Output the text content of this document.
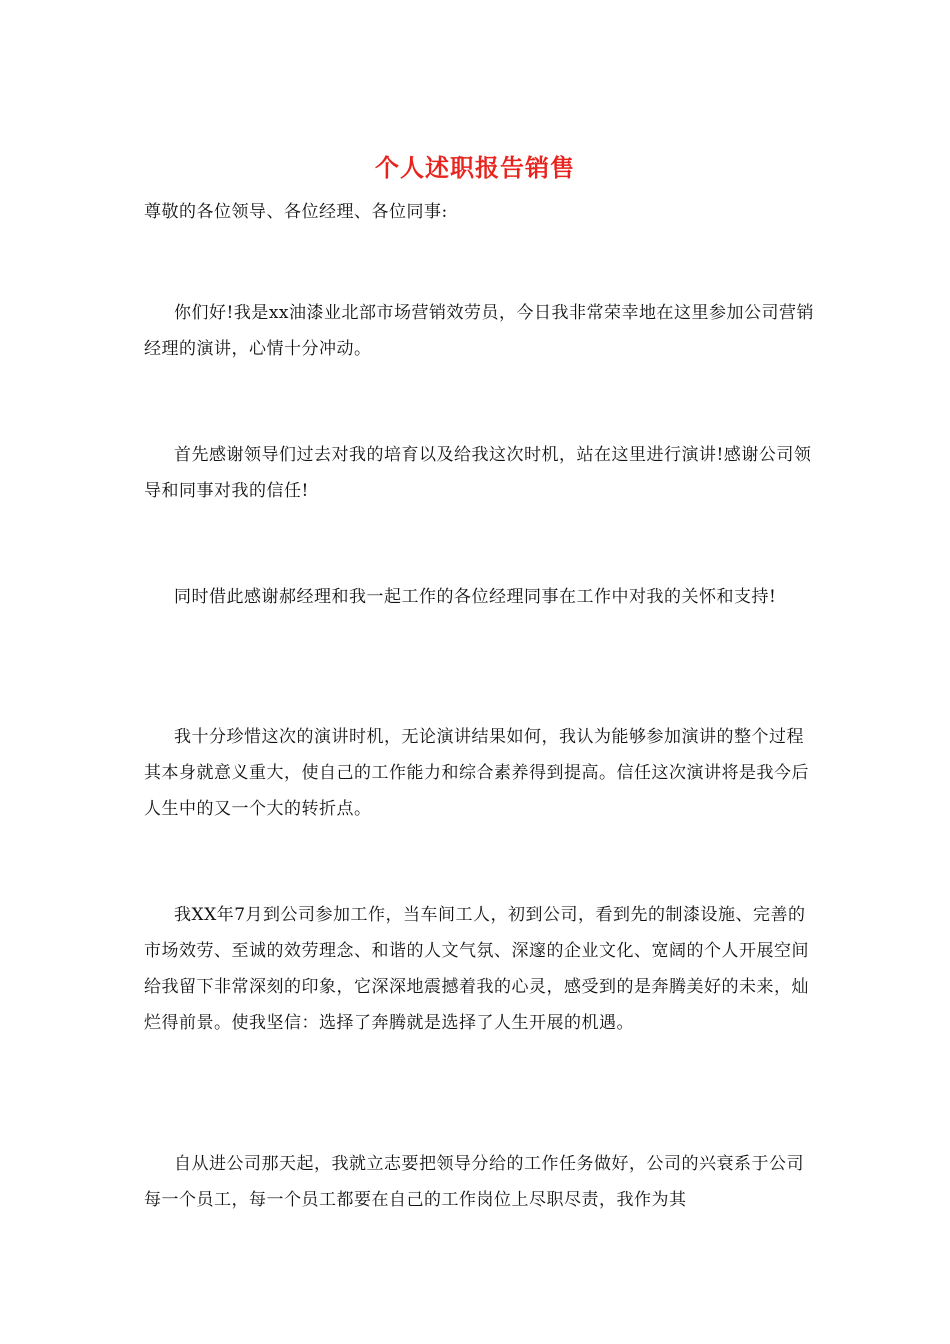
个人述职报告销售
尊敬的各位领导、各位经理、各位同事:
你们好!我是xx油漆业北部市场营销效劳员，今日我非常荣幸地在这里参加公司营销经理的演讲，心情十分冲动。
首先感谢领导们过去对我的培育以及给我这次时机，站在这里进行演讲!感谢公司领导和同事对我的信任!
同时借此感谢郝经理和我一起工作的各位经理同事在工作中对我的关怀和支持!
我十分珍惜这次的演讲时机，无论演讲结果如何，我认为能够参加演讲的整个过程其本身就意义重大，使自己的工作能力和综合素养得到提高。信任这次演讲将是我今后人生中的又一个大的转折点。
我XX年7月到公司参加工作，当车间工人，初到公司，看到先的制漆设施、完善的市场效劳、至诚的效劳理念、和谐的人文气氛、深邃的企业文化、宽阔的个人开展空间给我留下非常深刻的印象，它深深地震撼着我的心灵，感受到的是奔腾美好的未来，灿烂得前景。使我坚信：选择了奔腾就是选择了人生开展的机遇。
自从进公司那天起，我就立志要把领导分给的工作任务做好，公司的兴衰系于公司每一个员工，每一个员工都要在自己的工作岗位上尽职尽责，我作为其
